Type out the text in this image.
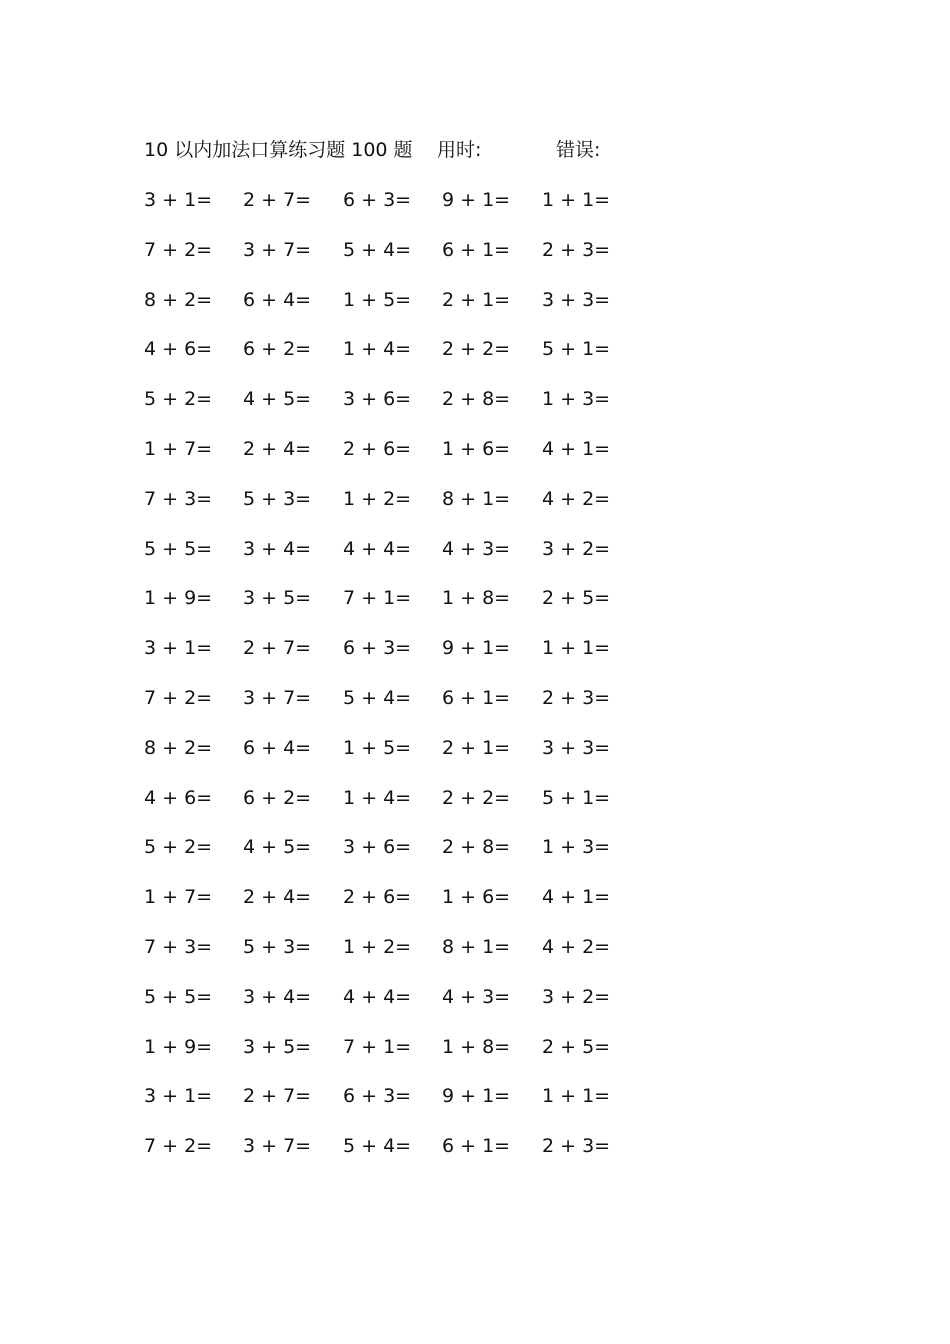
10 以内加法口算练习题 100 题 用时:	错误:
3 + 1= 2 + 7= 6 + 3= 9 + 1= 1 + 1=
7 + 2= 3 + 7= 5 + 4= 6 + 1= 2 + 3=
8 + 2= 6 + 4= 1 + 5= 2 + 1= 3 + 3=
4 + 6= 6 + 2= 1 + 4= 2 + 2= 5 + 1=
5 + 2= 4 + 5= 3 + 6= 2 + 8= 1 + 3=
1 + 7= 2 + 4= 2 + 6= 1 + 6= 4 + 1=
7 + 3= 5 + 3= 1 + 2= 8 + 1= 4 + 2=
5 + 5= 3 + 4= 4 + 4= 4 + 3= 3 + 2=
1 + 9= 3 + 5= 7 + 1= 1 + 8= 2 + 5=
3 + 1= 2 + 7= 6 + 3= 9 + 1= 1 + 1=
7 + 2= 3 + 7= 5 + 4= 6 + 1= 2 + 3=
8 + 2= 6 + 4= 1 + 5= 2 + 1= 3 + 3=
4 + 6= 6 + 2= 1 + 4= 2 + 2= 5 + 1=
5 + 2= 4 + 5= 3 + 6= 2 + 8= 1 + 3=
1 + 7= 2 + 4= 2 + 6= 1 + 6= 4 + 1=
7 + 3= 5 + 3= 1 + 2= 8 + 1= 4 + 2=
5 + 5= 3 + 4= 4 + 4= 4 + 3= 3 + 2=
1 + 9= 3 + 5= 7 + 1= 1 + 8= 2 + 5=
3 + 1= 2 + 7= 6 + 3= 9 + 1= 1 + 1=
7 + 2= 3 + 7= 5 + 4= 6 + 1= 2 + 3=
